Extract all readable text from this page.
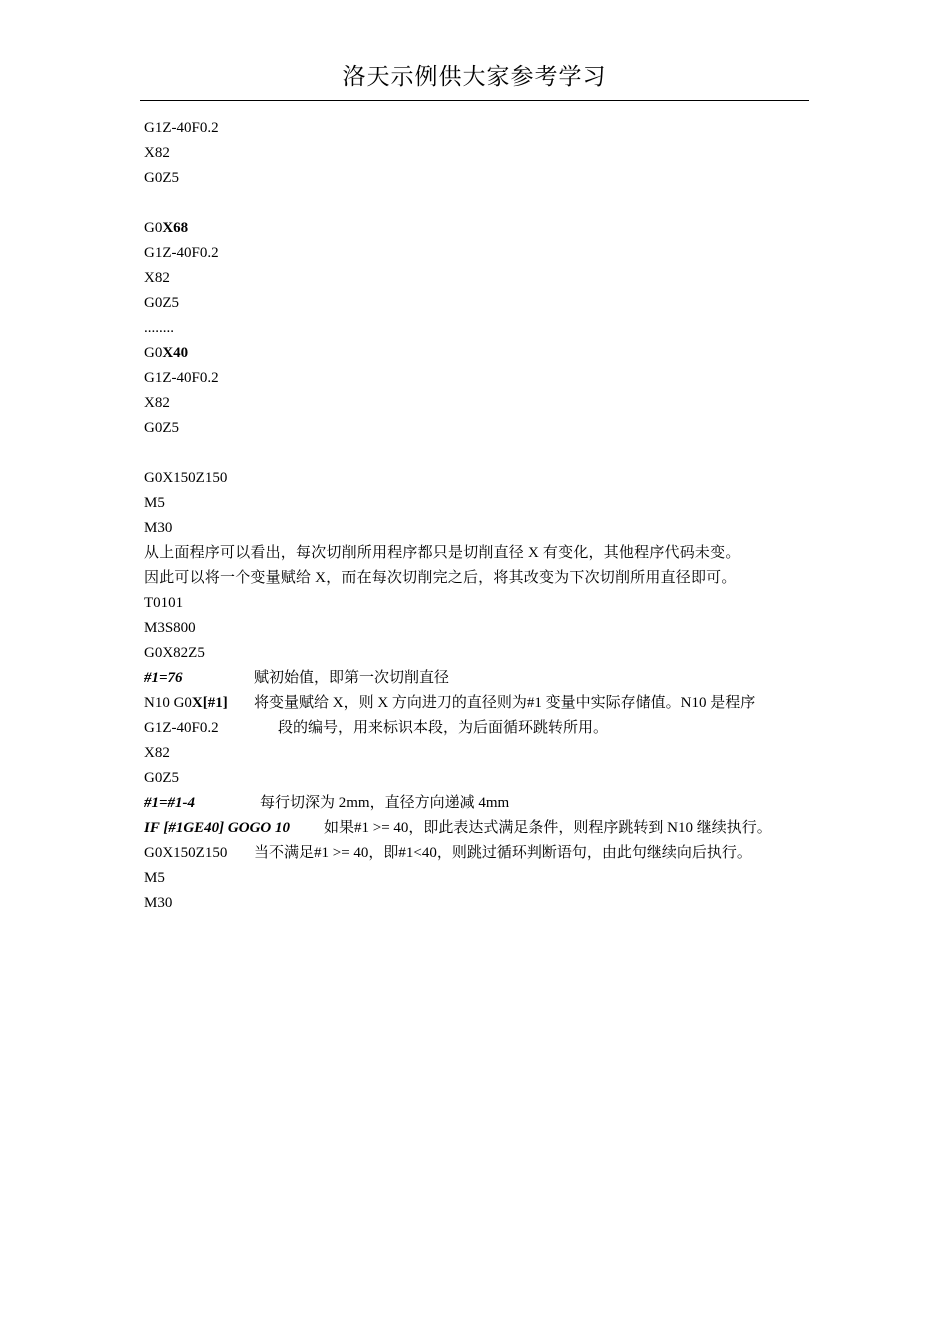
洛天示例供大家参考学习
G1Z-40F0.2
X82
G0Z5
G0X68
G1Z-40F0.2
X82
G0Z5
........
G0X40
G1Z-40F0.2
X82
G0Z5
G0X150Z150
M5
M30
从上面程序可以看出，每次切削所用程序都只是切削直径 X 有变化，其他程序代码未变。
因此可以将一个变量赋给 X，而在每次切削完之后，将其改变为下次切削所用直径即可。
T0101
M3S800
G0X82Z5
#1=76	赋初始值，即第一次切削直径
N10 G0X[#1] 将变量赋给 X，则 X 方向进刀的直径则为#1 变量中实际存储值。N10 是程序
G1Z-40F0.2	段的编号，用来标识本段，为后面循环跳转所用。
X82
G0Z5
#1=#1-4	每行切深为 2mm，直径方向递减 4mm
IF [#1GE40] GOGO 10 如果#1 >= 40，即此表达式满足条件，则程序跳转到 N10 继续执行。
G0X150Z150 当不满足#1 >= 40，即#1<40，则跳过循环判断语句，由此句继续向后执行。
M5
M30
